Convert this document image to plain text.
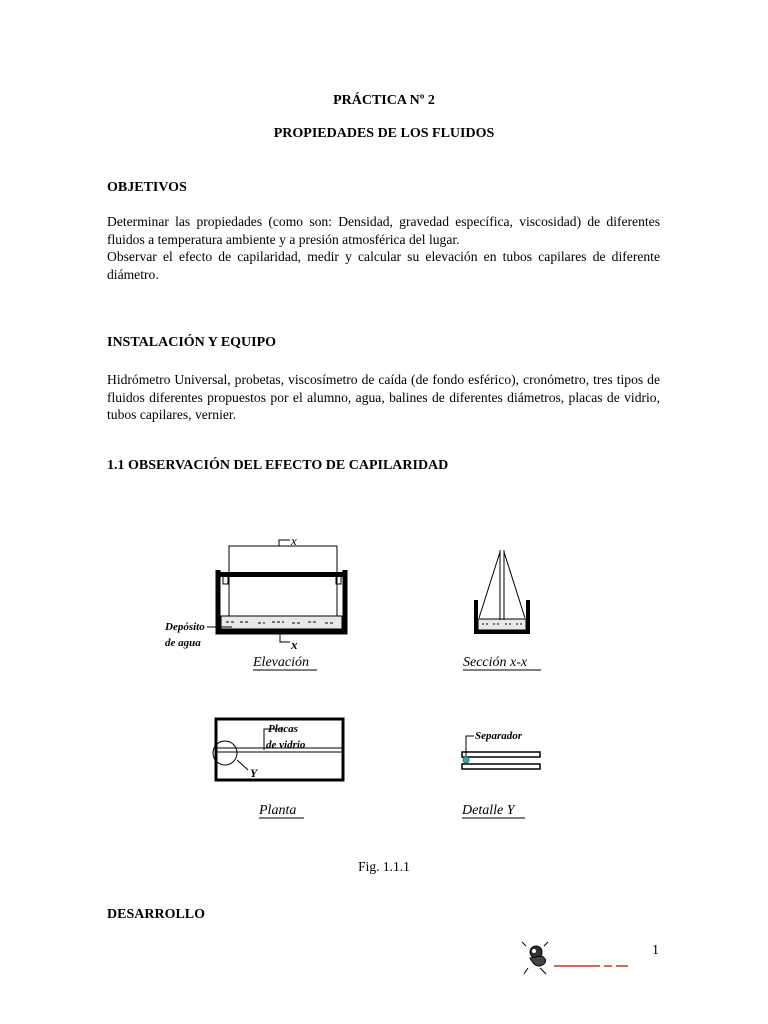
PRÁCTICA Nº 2
PROPIEDADES DE LOS FLUIDOS
OBJETIVOS

Determinar las propiedades (como son: Densidad, gravedad específica, viscosidad) de diferentes fluidos a temperatura ambiente y a presión atmosférica del lugar.

Observar el efecto de capilaridad, medir y calcular su elevación en tubos capilares de diferente diámetro.

INSTALACIÓN Y EQUIPO

Hidrómetro Universal, probetas, viscosímetro de caída (de fondo esférico), cronómetro, tres tipos de fluidos diferentes propuestos por el alumno, agua, balines de diferentes diámetros, placas de vidrio, tubos capilares, vernier.

1.1 OBSERVACIÓN DEL EFECTO DE CAPILARIDAD
x
x
Depósito
de agua
Elevación	Sección x-x
Placas
de vidrio
Y
Planta
Separador
Detalle Y
Fig. 1.1.1
DESARROLLO
1
